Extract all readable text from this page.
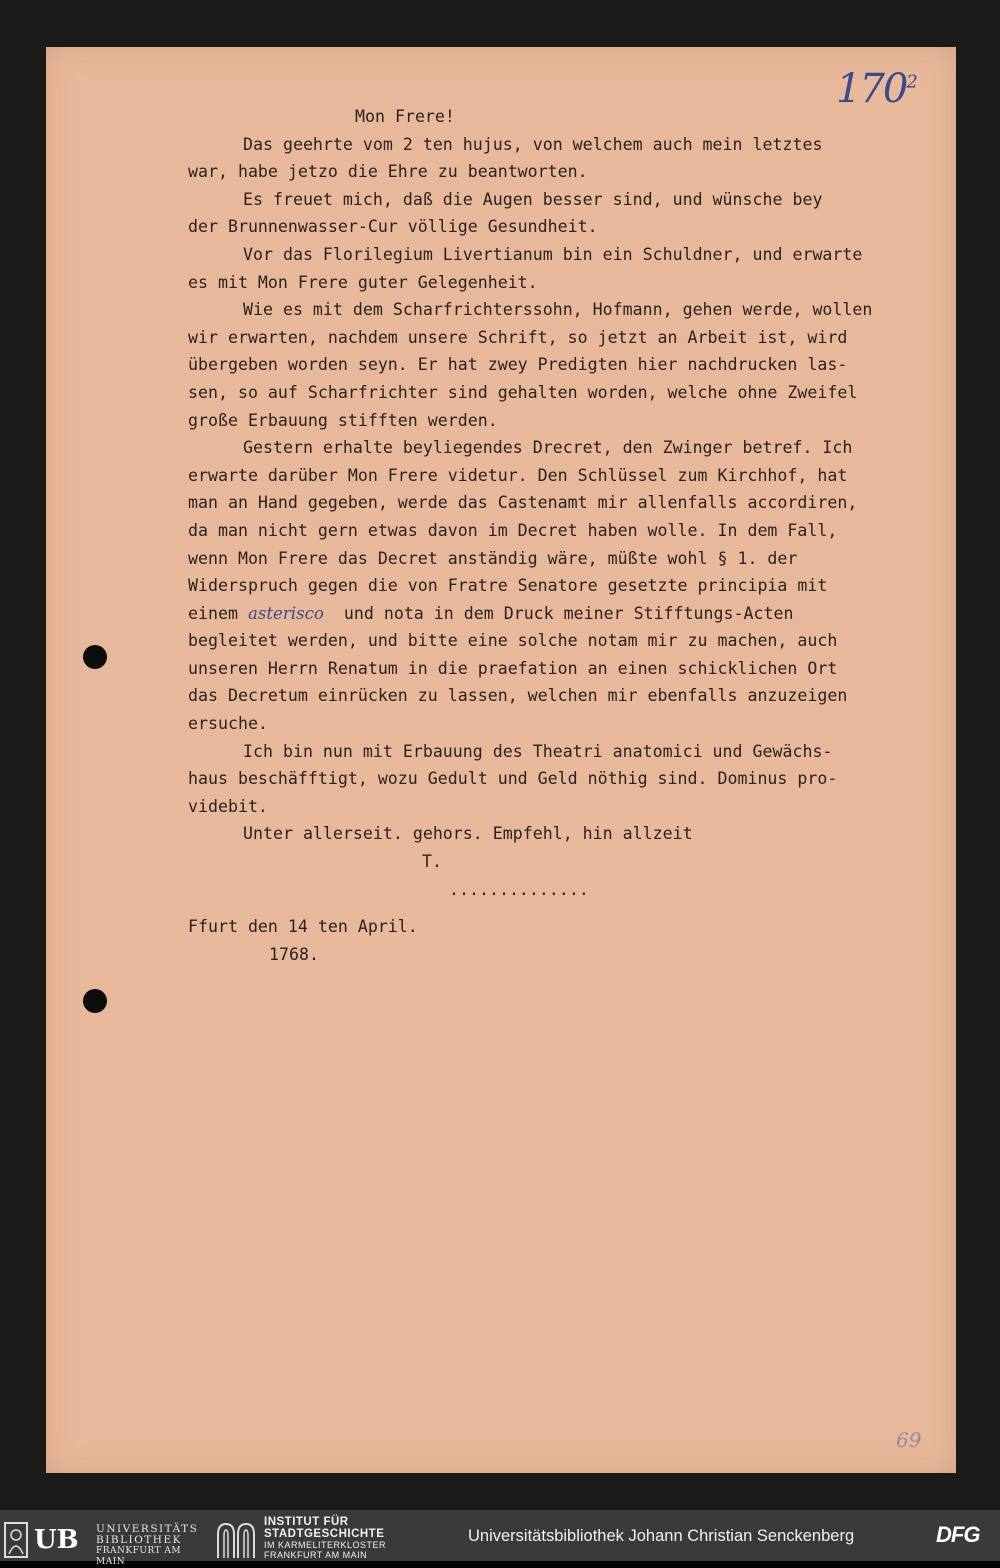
$170^2$
69
Mon Frere!
Das geehrte vom 2 ten hujus, von welchem auch mein letztes
war, habe jetzo die Ehre zu beantworten.
Es freuet mich, daß die Augen besser sind, und wünsche bey
der Brunnenwasser-Cur völlige Gesundheit.
Vor das Florilegium Livertianum bin ein Schuldner, und erwarte
es mit Mon Frere guter Gelegenheit.
Wie es mit dem Scharfrichterssohn, Hofmann, gehen werde, wollen
wir erwarten, nachdem unsere Schrift, so jetzt an Arbeit ist, wird
übergeben worden seyn. Er hat zwey Predigten hier nachdrucken las-
sen, so auf Scharfrichter sind gehalten worden, welche ohne Zweifel
große Erbauung stifften werden.
Gestern erhalte beyliegendes Drecret, den Zwinger betref. Ich
erwarte darüber Mon Frere videtur. Den Schlüssel zum Kirchhof, hat
man an Hand gegeben, werde das Castenamt mir allenfalls accordiren,
da man nicht gern etwas davon im Decret haben wolle. In dem Fall,
wenn Mon Frere das Decret anständig wäre, müßte wohl § 1. der
Widerspruch gegen die von Fratre Senatore gesetzte principia mit
einem asterisco  und nota in dem Druck meiner Stifftungs-Acten
begleitet werden, und bitte eine solche notam mir zu machen, auch
unseren Herrn Renatum in die praefation an einen schicklichen Ort
das Decretum einrücken zu lassen, welchen mir ebenfalls anzuzeigen
ersuche.
Ich bin nun mit Erbauung des Theatri anatomici und Gewächs-
haus beschäfftigt, wozu Gedult und Geld nöthig sind. Dominus pro-
videbit.
Unter allerseit. gehors. Empfehl, hin allzeit
T.
..............
Ffurt den 14 ten April.
1768.
UB UNIVERSITÄTS
BIBLIOTHEK
FRANKFURT AM MAIN
INSTITUT FÜR
STADTGESCHICHTE
IM KARMELITERKLOSTER
FRANKFURT AM MAIN
Universitätsbibliothek Johann Christian Senckenberg	DFG
